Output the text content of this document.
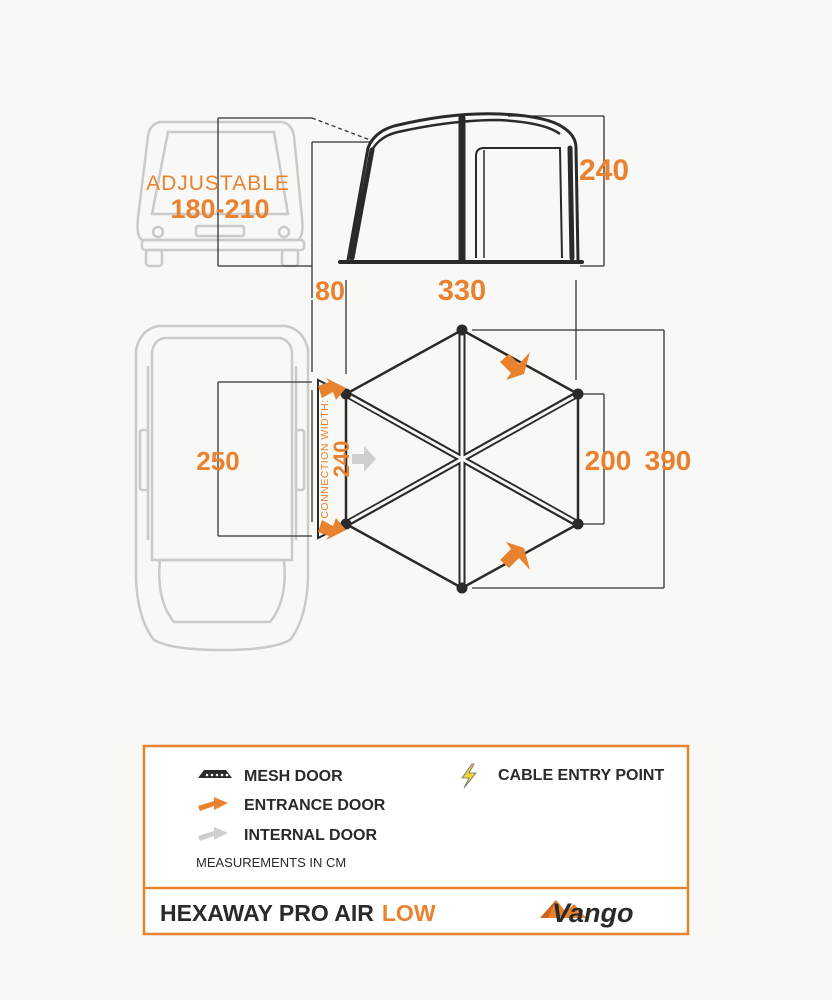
ADJUSTABLE
180-210
240
80	330
250	CONNECTION WIDTH:
240	200 390
MESH DOOR
ENTRANCE DOOR
INTERNAL DOOR
CABLE ENTRY POINT
MEASUREMENTS IN CM
HEXAWAY PRO AIR LOW	Vango
